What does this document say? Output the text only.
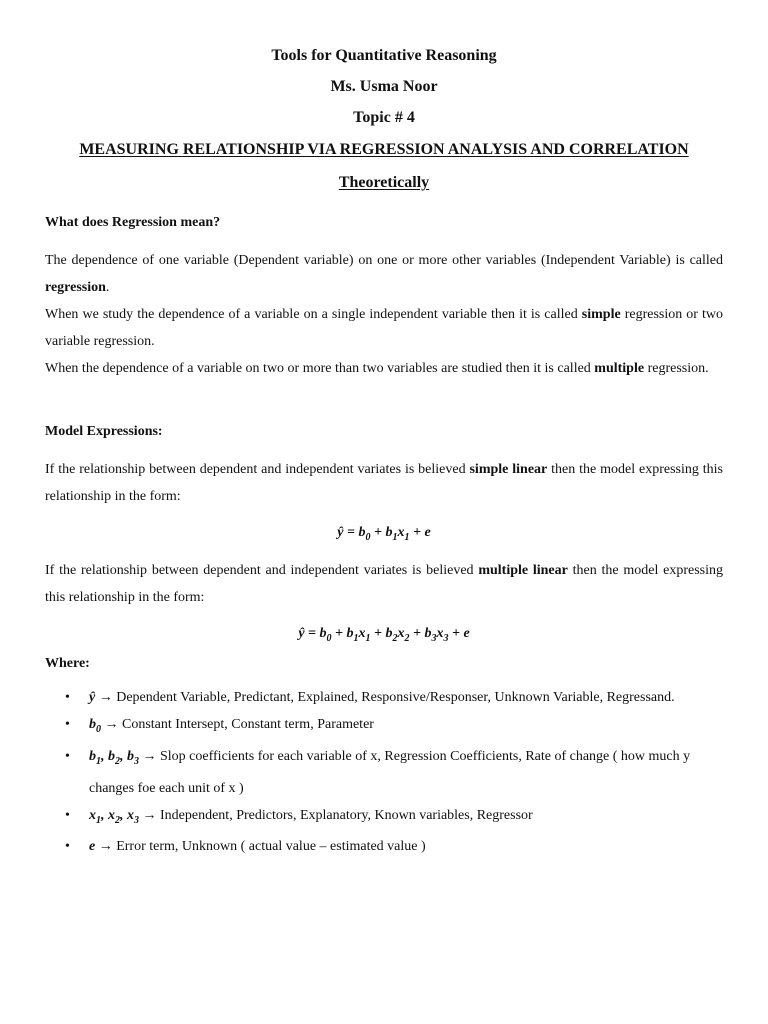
Tools for Quantitative Reasoning
Ms. Usma Noor
Topic # 4
MEASURING RELATIONSHIP VIA REGRESSION ANALYSIS AND CORRELATION
Theoretically
What does Regression mean?
The dependence of one variable (Dependent variable) on one or more other variables (Independent Variable) is called regression.
When we study the dependence of a variable on a single independent variable then it is called simple regression or two variable regression.
When the dependence of a variable on two or more than two variables are studied then it is called multiple regression.
Model Expressions:
If the relationship between dependent and independent variates is believed simple linear then the model expressing this relationship in the form:
ŷ = $b_0 + b_1x_1 + e$
If the relationship between dependent and independent variates is believed multiple linear then the model expressing this relationship in the form:
ŷ = $b_0 + b_1x_1 + b_2x_2 + b_3x_3 + e$
Where:
• ŷ → Dependent Variable, Predictant, Explained, Responsive/Responser, Unknown Variable, Regressand.
• $b_0$ → Constant Intersept, Constant term, Parameter
• $b_1$, $b_2$, $b_3$ → Slop coefficients for each variable of x, Regression Coefficients, Rate of change ( how much y changes foe each unit of x )
• $x_1$, $x_2$, $x_3$ → Independent, Predictors, Explanatory, Known variables, Regressor
• e → Error term, Unknown ( actual value – estimated value )
